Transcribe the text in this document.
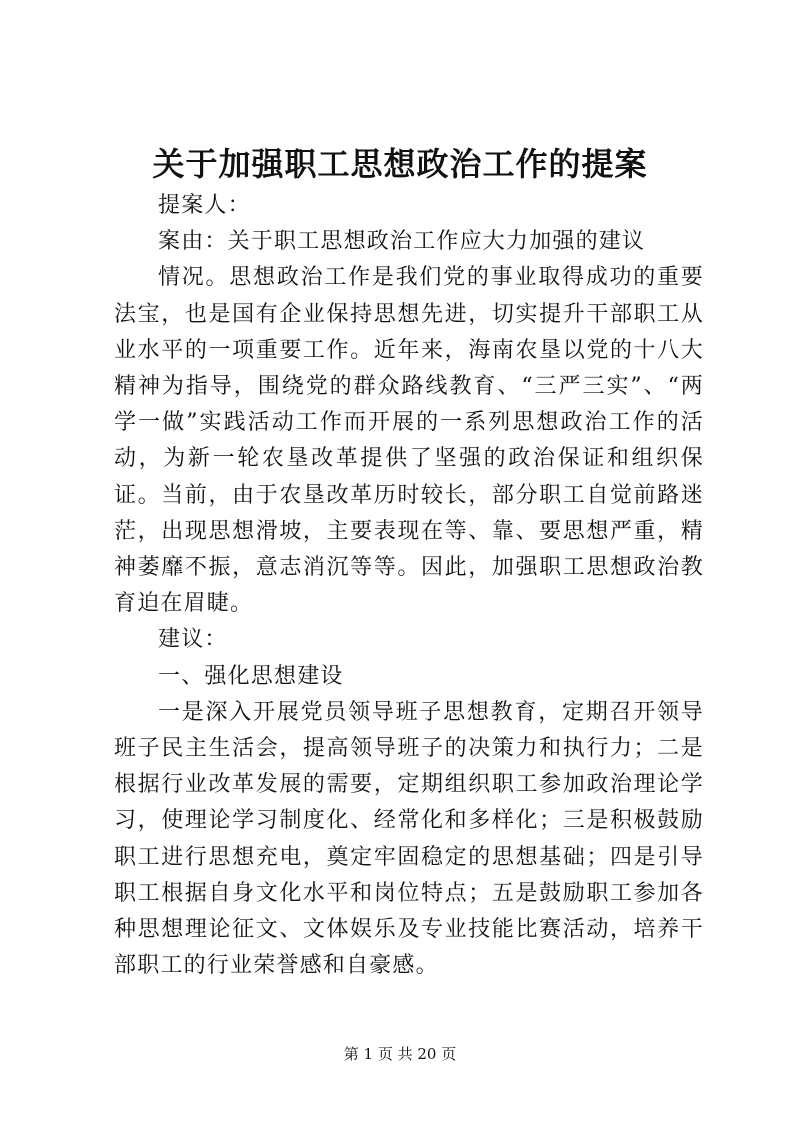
关于加强职工思想政治工作的提案

提案人：

案由：关于职工思想政治工作应大力加强的建议

情况。思想政治工作是我们党的事业取得成功的重要法宝，也是国有企业保持思想先进，切实提升干部职工从业水平的一项重要工作。近年来，海南农垦以党的十八大精神为指导，围绕党的群众路线教育、“三严三实”、“两学一做”实践活动工作而开展的一系列思想政治工作的活动，为新一轮农垦改革提供了坚强的政治保证和组织保证。当前，由于农垦改革历时较长，部分职工自觉前路迷茫，出现思想滑坡，主要表现在等、靠、要思想严重，精神萎靡不振，意志消沉等等。因此，加强职工思想政治教育迫在眉睫。

建议：

一、强化思想建设

一是深入开展党员领导班子思想教育，定期召开领导班子民主生活会，提高领导班子的决策力和执行力；二是根据行业改革发展的需要，定期组织职工参加政治理论学习，使理论学习制度化、经常化和多样化；三是积极鼓励职工进行思想充电，奠定牢固稳定的思想基础；四是引导职工根据自身文化水平和岗位特点；五是鼓励职工参加各种思想理论征文、文体娱乐及专业技能比赛活动，培养干部职工的行业荣誉感和自豪感。

第 1 页 共 20 页
